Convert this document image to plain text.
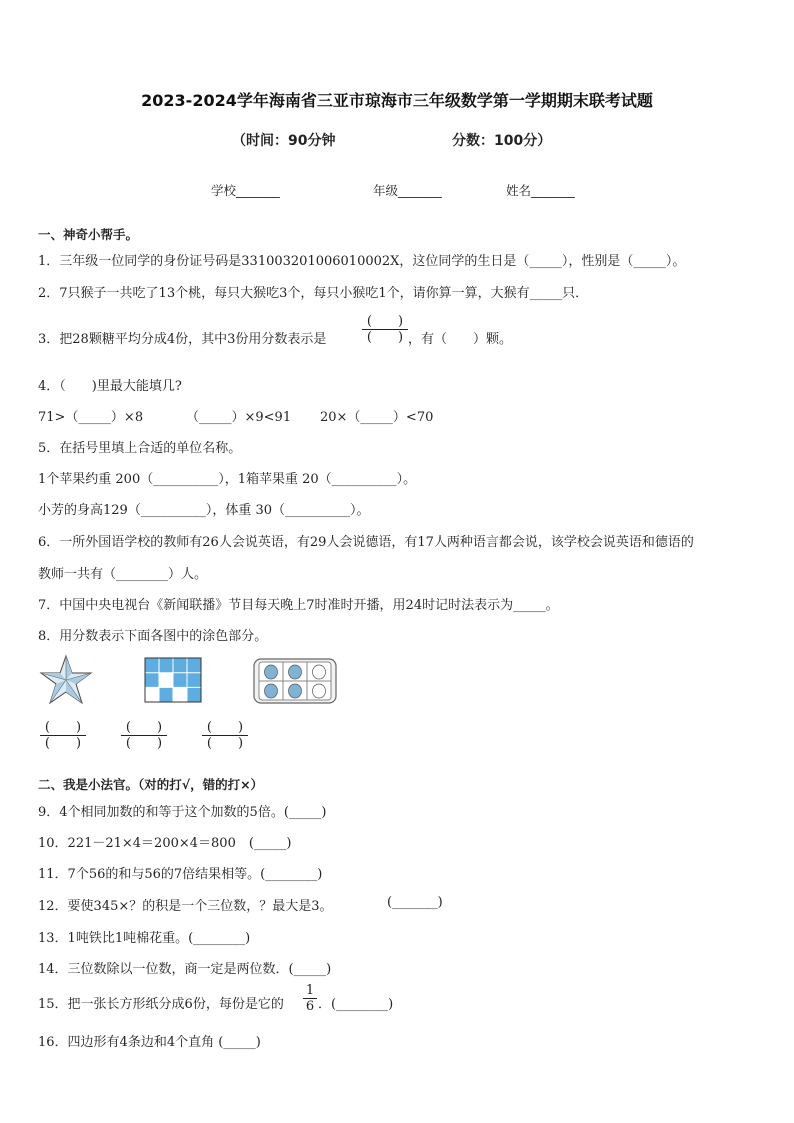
2023-2024学年海南省三亚市琼海市三年级数学第一学期期末联考试题
（时间：90分钟	分数：100分）
学校_______	年级_______	姓名_______
一、神奇小帮手。
1．三年级一位同学的身份证号码是331003201006010002X，这位同学的生日是（_____），性别是（_____）。
2．7只猴子一共吃了13个桃，每只大猴吃3个，每只小猴吃1个，请你算一算，大猴有_____只．
3．把28颗糖平均分成4份，其中3份用分数表示是
(　　)
(　　) ，有（　　）颗。
4．（　　)里最大能填几?
71>（_____）×8	（_____）×9<91 20×（_____）<70
5．在括号里填上合适的单位名称。
1个苹果约重 200（__________），1箱苹果重 20（__________）。
小芳的身高129（__________），体重 30（__________）。
6．一所外国语学校的教师有26人会说英语，有29人会说德语，有17人两种语言都会说，该学校会说英语和德语的
教师一共有（________）人。
7．中国中央电视台《新闻联播》节目每天晚上7时准时开播，用24时记时法表示为_____。
8．用分数表示下面各图中的涂色部分。
(　　)
(　　)
(　　)
(　　)
(　　)
(　　)
二、我是小法官。（对的打√，错的打×）
9．4个相同加数的和等于这个加数的5倍。(_____)
10．221－21×4＝200×4＝800　(_____)
11．7个56的和与56的7倍结果相等。(________)
12．要使345×？的积是一个三位数，？最大是3。	(_______)
13．1吨铁比1吨棉花重。(________)
14．三位数除以一位数，商一定是两位数．(_____)
15．把一张长方形纸分成6份，每份是它的
1
6 ．(________)
16．四边形有4条边和4个直角 (_____)
